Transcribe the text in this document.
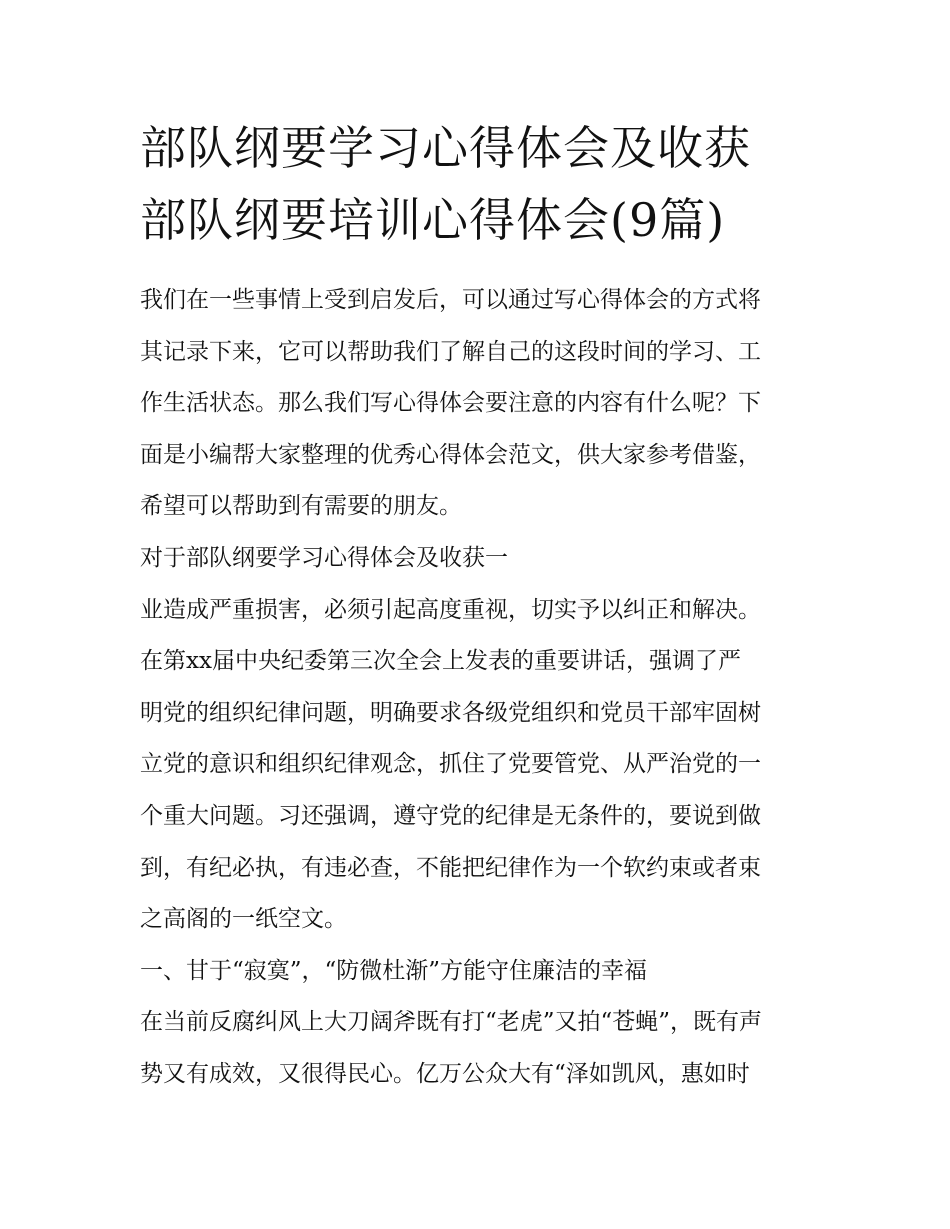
部队纲要学习心得体会及收获
部队纲要培训心得体会(9篇)
我们在一些事情上受到启发后，可以通过写心得体会的方式将
其记录下来，它可以帮助我们了解自己的这段时间的学习、工
作生活状态。那么我们写心得体会要注意的内容有什么呢？下
面是小编帮大家整理的优秀心得体会范文，供大家参考借鉴，
希望可以帮助到有需要的朋友。
对于部队纲要学习心得体会及收获一
业造成严重损害，必须引起高度重视，切实予以纠正和解决。
在第xx届中央纪委第三次全会上发表的重要讲话，强调了严
明党的组织纪律问题，明确要求各级党组织和党员干部牢固树
立党的意识和组织纪律观念，抓住了党要管党、从严治党的一
个重大问题。习还强调，遵守党的纪律是无条件的，要说到做
到，有纪必执，有违必查，不能把纪律作为一个软约束或者束
之高阁的一纸空文。
一、甘于“寂寞”，“防微杜渐”方能守住廉洁的幸福
在当前反腐纠风上大刀阔斧既有打“老虎”又拍“苍蝇”，既有声
势又有成效，又很得民心。亿万公众大有“泽如凯风，惠如时
